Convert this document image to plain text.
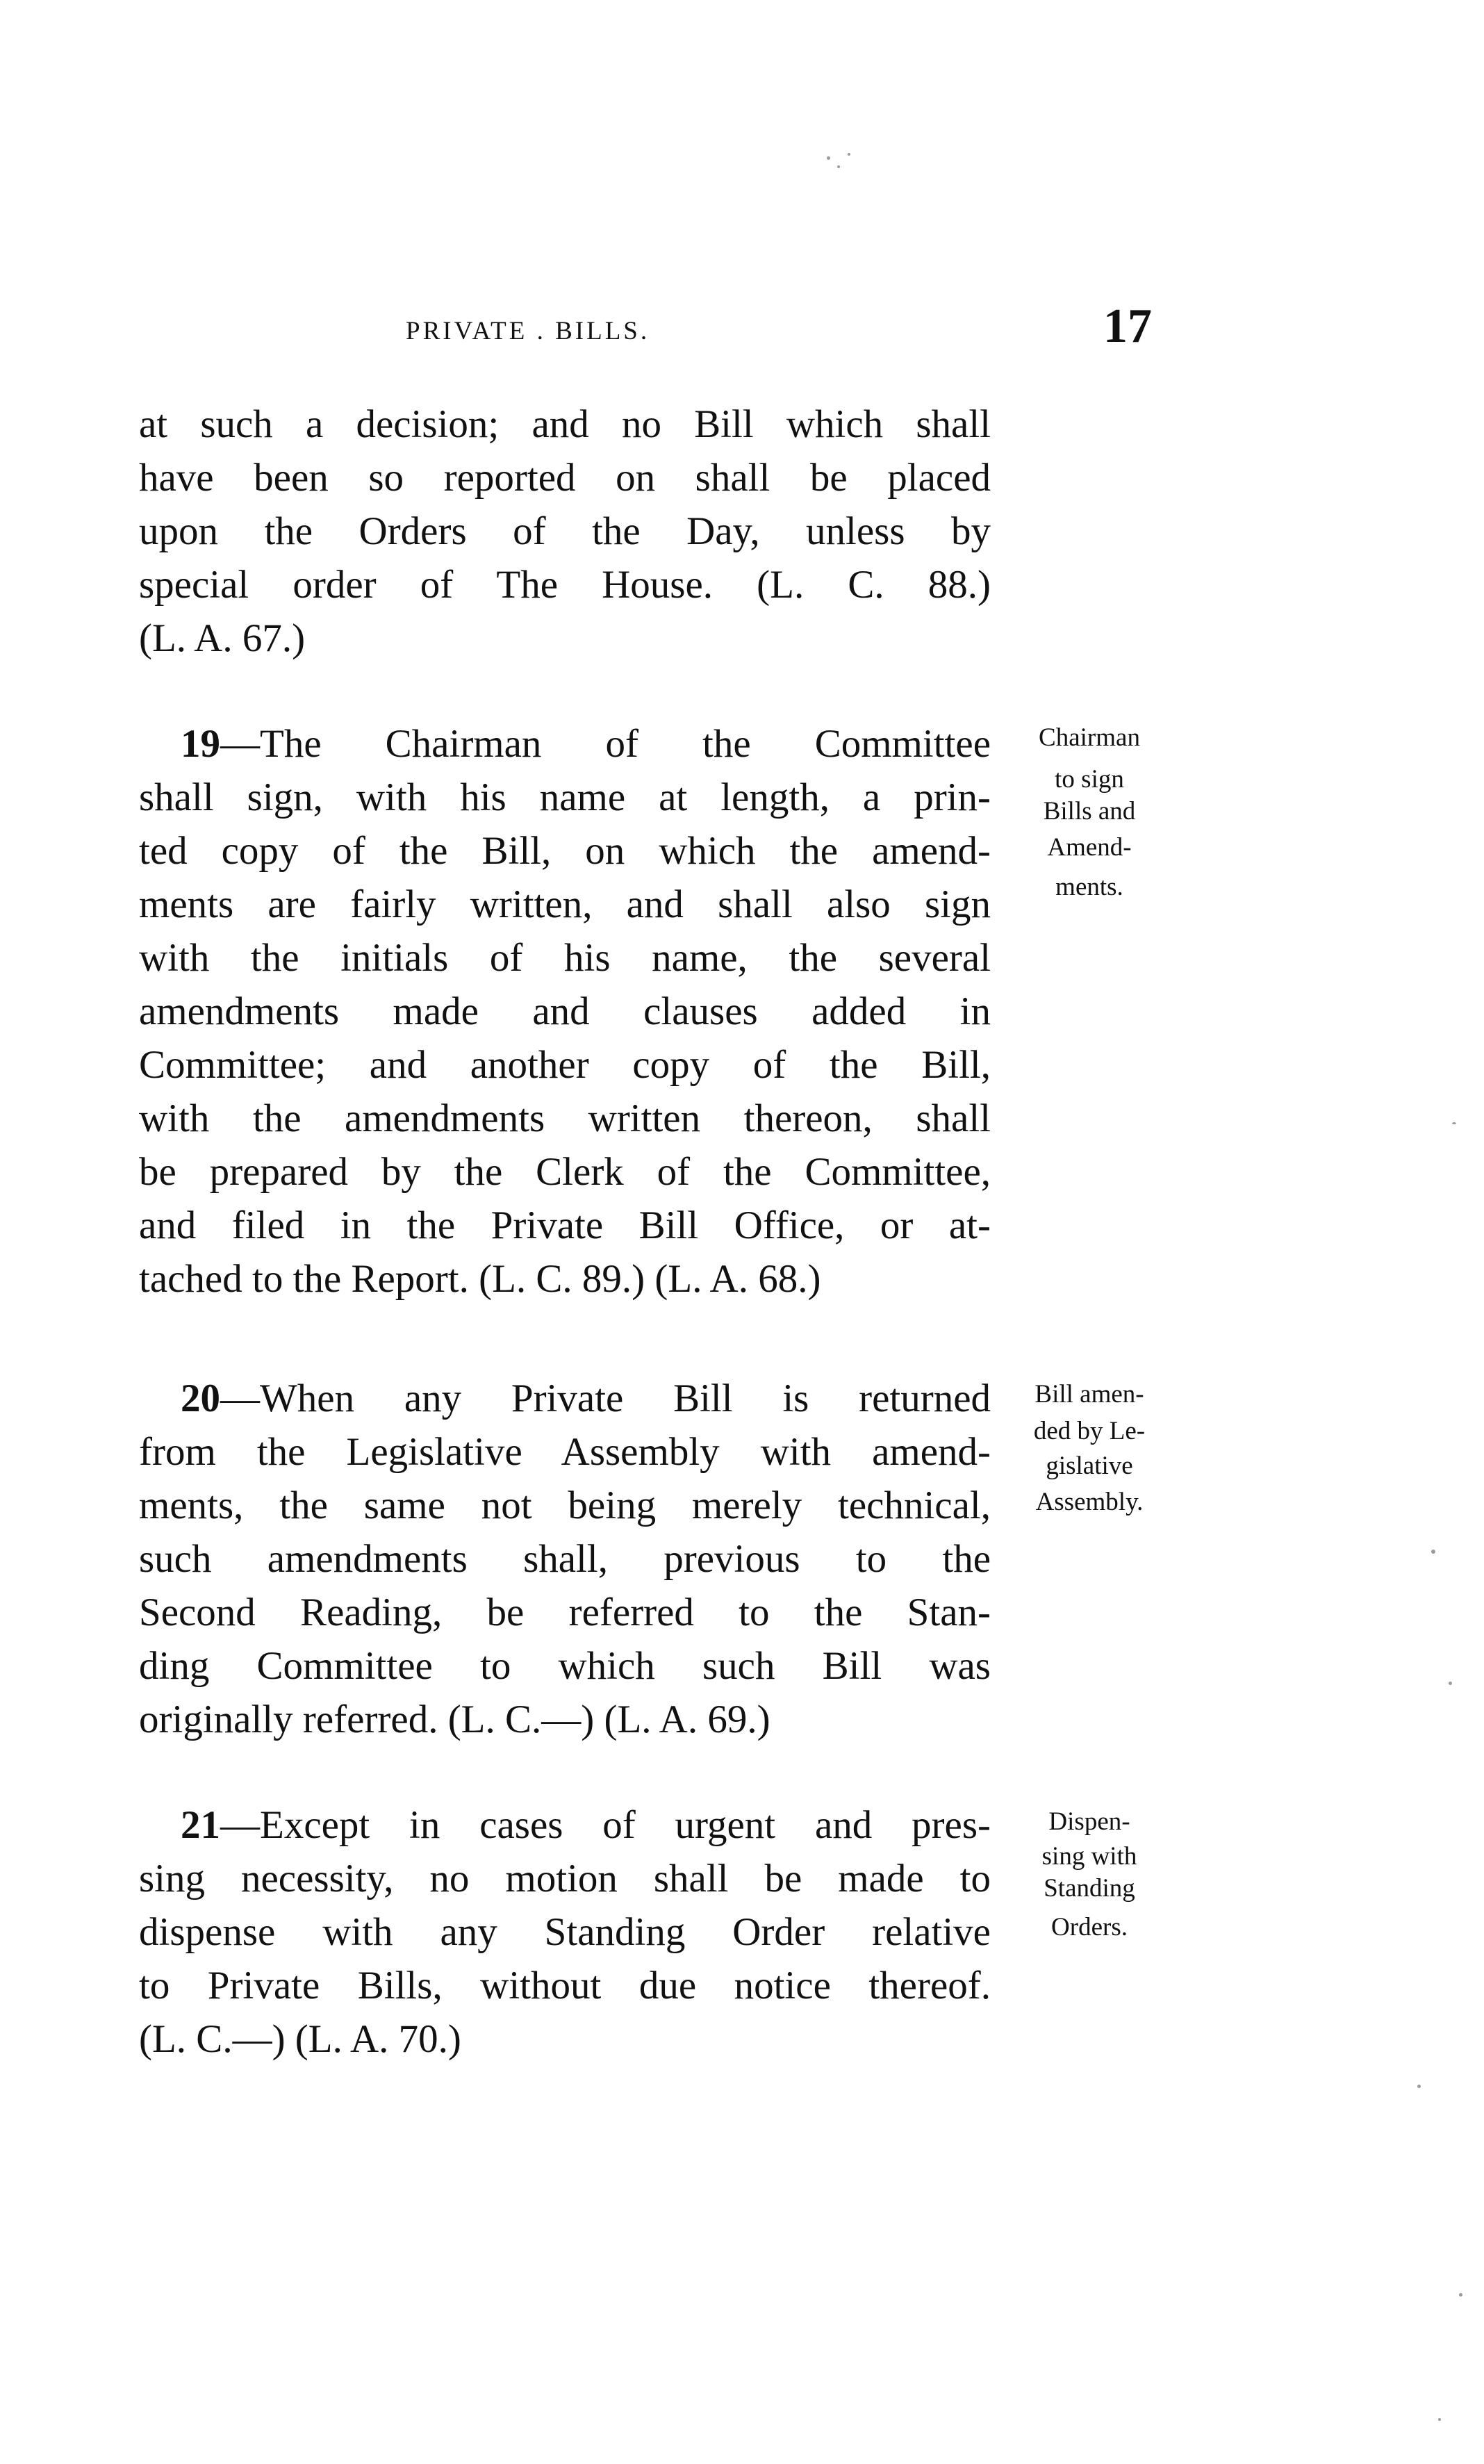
PRIVATE . BILLS.	17
at such a decision; and no Bill which shall
have been so reported on shall be placed
upon the Orders of the Day, unless by
special order of The House. (L. C. 88.)
(L. A. 67.)
19—The Chairman of the Committee
shall sign, with his name at length, a prin-
ted copy of the Bill, on which the amend-
ments are fairly written, and shall also sign
with the initials of his name, the several
amendments made and clauses added in
Committee; and another copy of the Bill,
with the amendments written thereon, shall
be prepared by the Clerk of the Committee,
and filed in the Private Bill Office, or at-
tached to the Report. (L. C. 89.) (L. A. 68.)
Chairman
to sign
Bills and
Amend-
ments.
20—When any Private Bill is returned
from the Legislative Assembly with amend-
ments, the same not being merely technical,
such amendments shall, previous to the
Second Reading, be referred to the Stan-
ding Committee to which such Bill was
originally referred. (L. C.—) (L. A. 69.)
Bill amen-
ded by Le-
gislative
Assembly.
21—Except in cases of urgent and pres-
sing necessity, no motion shall be made to
dispense with any Standing Order relative
to Private Bills, without due notice thereof.
(L. C.—) (L. A. 70.)
Dispen-
sing with
Standing
Orders.
